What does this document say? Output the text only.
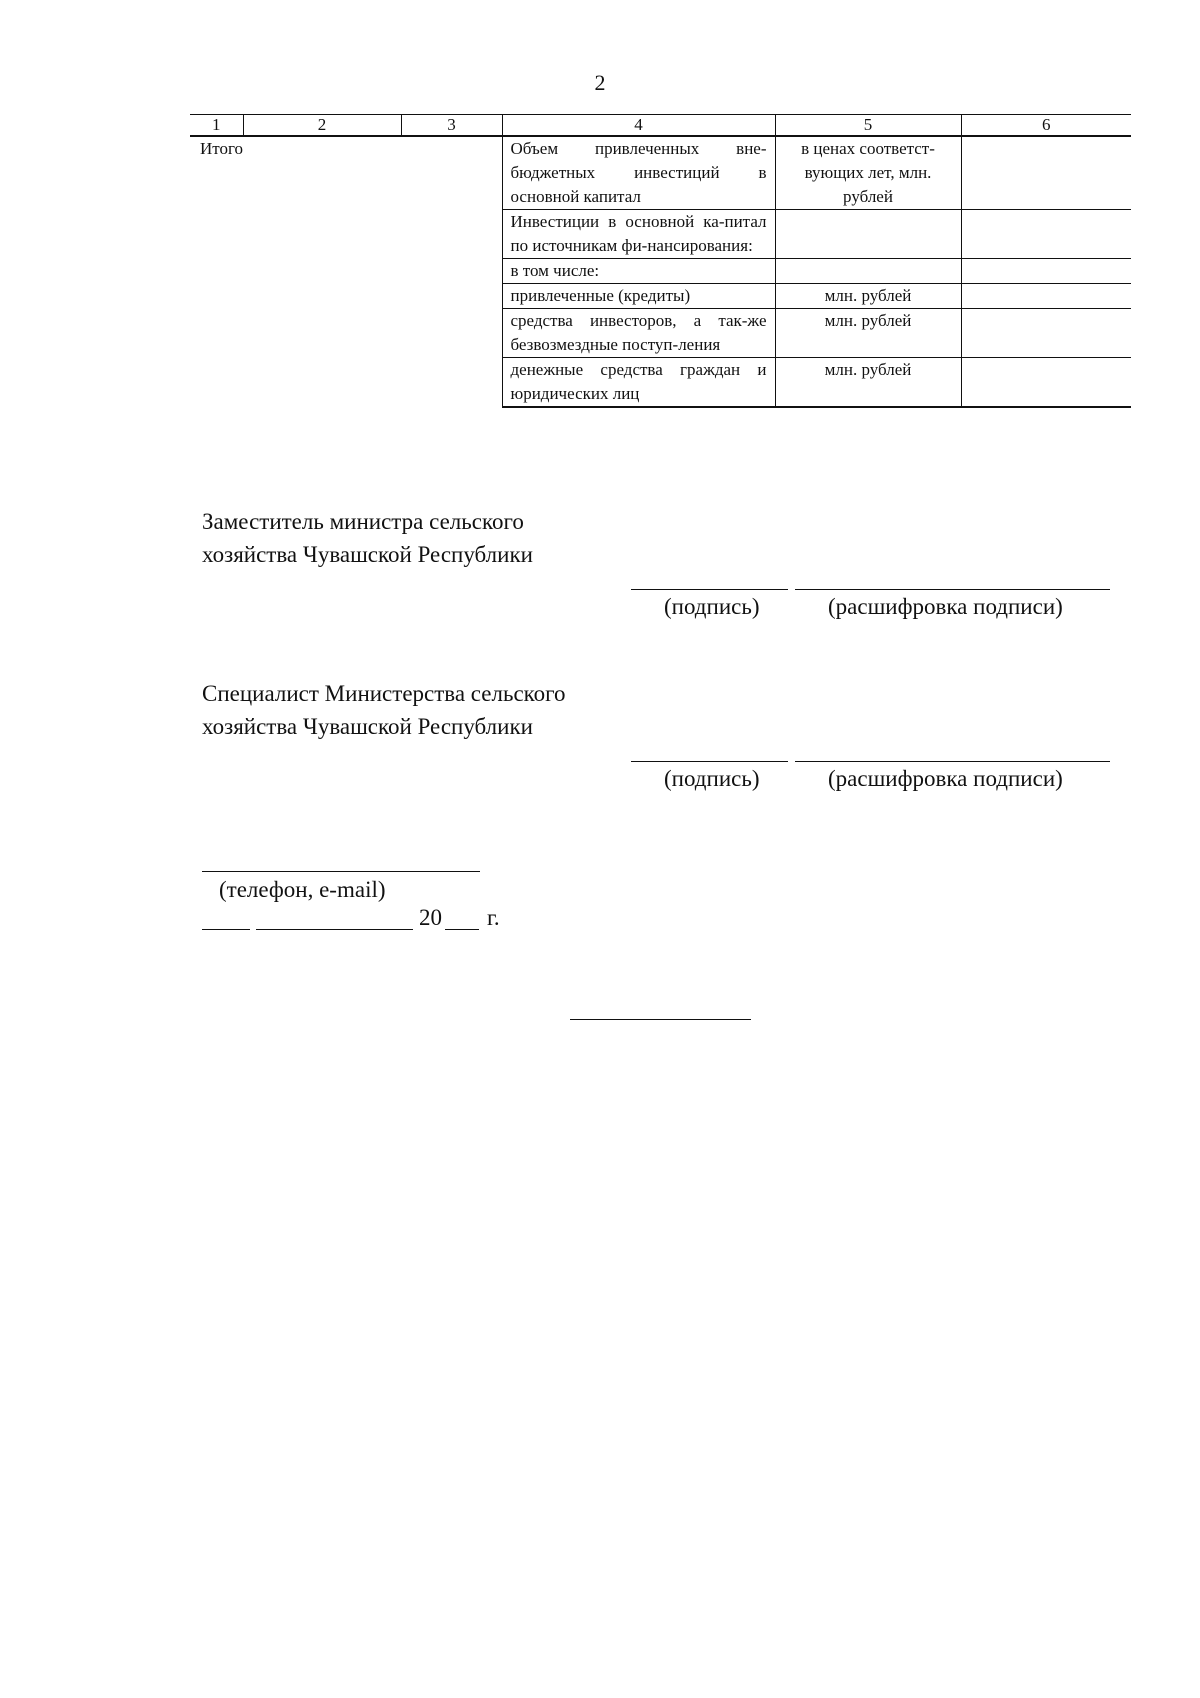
2
1	2	3	4	5	6
Итого			Объем привлеченных вне-бюджетных инвестиций в основной капитал	в ценах соответст-вующих лет, млн. рублей	
			Инвестиции в основной ка-питал по источникам фи-нансирования:		
			в том числе:		
			привлеченные (кредиты)	млн. рублей	
			средства инвесторов, а так-же безвозмездные поступ-ления	млн. рублей	
			денежные средства граждан и юридических лиц	млн. рублей	
Заместитель министра сельского
хозяйства Чувашской Республики
(подпись)	(расшифровка подписи)
Специалист Министерства сельского
хозяйства Чувашской Республики
(подпись)	(расшифровка подписи)
(телефон, e-mail)
20 г.
